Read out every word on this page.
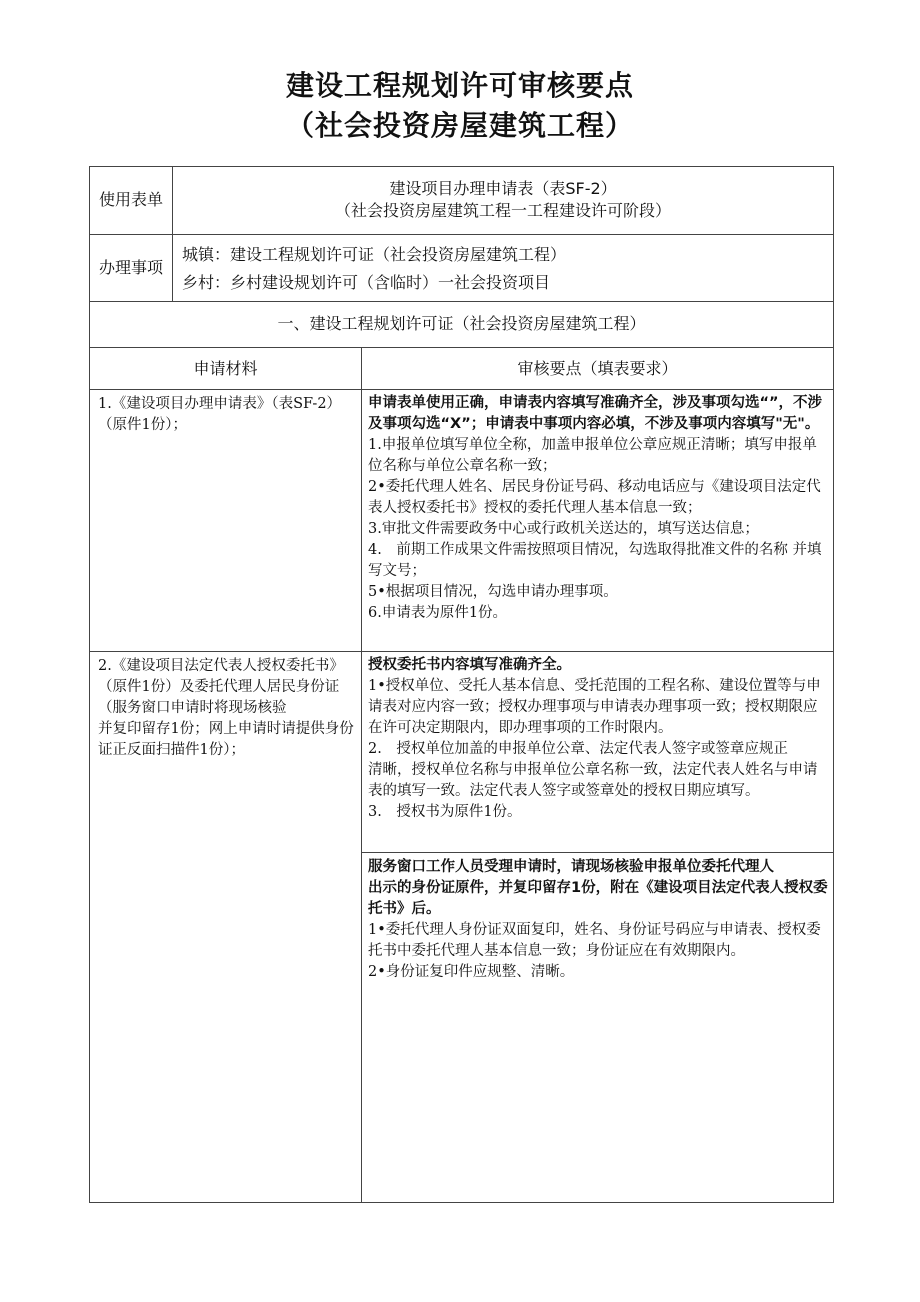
建设工程规划许可审核要点
（社会投资房屋建筑工程）
使用表单
建设项目办理申请表（表SF-2）
（社会投资房屋建筑工程一工程建设许可阶段）
办理事项
城镇：建设工程规划许可证（社会投资房屋建筑工程）
乡村：乡村建设规划许可（含临时）一社会投资项目
一、建设工程规划许可证（社会投资房屋建筑工程）
申请材料	审核要点（填表要求）
1.《建设项目办理申请表》（表SF-2）　（原件1份）；

申请表单使用正确，申请表内容填写准确齐全，涉及事项勾选“”，不涉及事项勾选“X”；申请表中事项内容必填，不涉及事项内容填写"无"。

1.申报单位填写单位全称，加盖申报单位公章应规正清晰；填写申报单位名称与单位公章名称一致；

2•委托代理人姓名、居民身份证号码、移动电话应与《建设项目法定代表人授权委托书》授权的委托代理人基本信息一致；

3.审批文件需要政务中心或行政机关送达的，填写送达信息；

4.　前期工作成果文件需按照项目情况，勾选取得批准文件的名称 并填写文号；

5•根据项目情况，勾选申请办理事项。

6.申请表为原件1份。

2.《建设项目法定代表人授权委托书》（原件1份）及委托代理人居民身份证（服务窗口申请时将现场核验
并复印留存1份；网上申请时请提供身份证正反面扫描件1份）；

授权委托书内容填写准确齐全。

1•授权单位、受托人基本信息、受托范围的工程名称、建设位置等与申请表对应内容一致；授权办理事项与申请表办理事项一致；授权期限应在许可决定期限内，即办理事项的工作时限内。

2.　授权单位加盖的申报单位公章、法定代表人签字或签章应规正

清晰，授权单位名称与申报单位公章名称一致，法定代表人姓名与申请表的填写一致。法定代表人签字或签章处的授权日期应填写。

3.　授权书为原件1份。

服务窗口工作人员受理申请时，请现场核验申报单位委托代理人
出示的身份证原件，并复印留存1份，附在《建设项目法定代表人授权委托书》后。

1•委托代理人身份证双面复印，姓名、身份证号码应与申请表、授权委托书中委托代理人基本信息一致；身份证应在有效期限内。

2•身份证复印件应规整、清晰。
